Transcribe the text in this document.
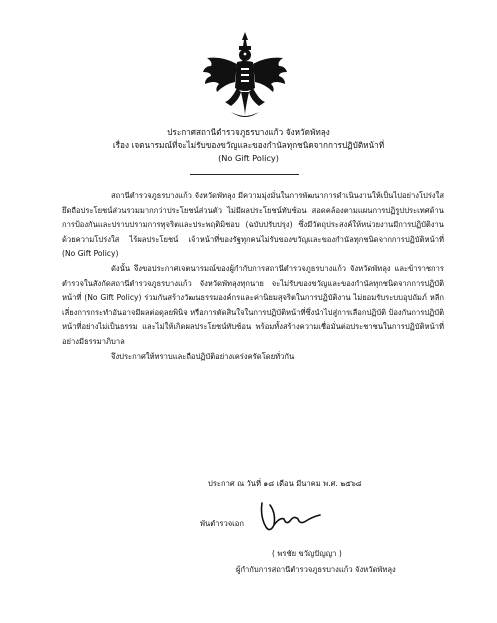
ประกาศสถานีตำรวจภูธรบางแก้ว จังหวัดพัทลุง
เรื่อง เจตนารมณ์ที่จะไม่รับของขวัญและของกำนัลทุกชนิดจากการปฏิบัติหน้าที่
(No Gift Policy)

สถานีตำรวจภูธรบางแก้ว จังหวัดพัทลุง มีความมุ่งมั่นในการพัฒนาการดำเนินงานให้เป็นไปอย่างโปร่งใส ยึดถือประโยชน์ส่วนรวมมากกว่าประโยชน์ส่วนตัว ไม่มีผลประโยชน์ทับซ้อน สอดคล้องตามแผนการปฏิรูปประเทศด้านการป้องกันและปราบปรามการทุจริตและประพฤติมิชอบ (ฉบับปรับปรุง) ซึ่งมีวัตถุประสงค์ให้หน่วยงานมีการปฏิบัติงานด้วยความโปร่งใส ไร้ผลประโยชน์ เจ้าหน้าที่ของรัฐทุกคนไม่รับของขวัญและของกำนัลทุกชนิดจากการปฏิบัติหน้าที่ (No Gift Policy)

ดังนั้น จึงขอประกาศเจตนารมณ์ของผู้กำกับการสถานีตำรวจภูธรบางแก้ว จังหวัดพัทลุง และข้าราชการตำรวจในสังกัดสถานีตำรวจภูธรบางแก้ว จังหวัดพัทลุงทุกนาย จะไม่รับของขวัญและของกำนัลทุกชนิดจากการปฏิบัติหน้าที่ (No Gift Policy) ร่วมกันสร้างวัฒนธรรมองค์กรและค่านิยมสุจริตในการปฏิบัติงาน ไม่ยอมรับระบบอุปถัมภ์ หลีกเลี่ยงการกระทำอันอาจมีผลต่อดุลยพินิจ หรือการตัดสินใจในการปฏิบัติหน้าที่ซึ่งนำไปสู่การเลือกปฏิบัติ ป้องกันการปฏิบัติหน้าที่อย่างไม่เป็นธรรม และไม่ให้เกิดผลประโยชน์ทับซ้อน พร้อมทั้งสร้างความเชื่อมั่นต่อประชาชนในการปฏิบัติหน้าที่อย่างมีธรรมาภิบาล

จึงประกาศให้ทราบและถือปฏิบัติอย่างเคร่งครัดโดยทั่วกัน

ประกาศ ณ วันที่ ๑๘ เดือน มีนาคม พ.ศ. ๒๕๖๘
พันตำรวจเอก
( พรชัย ขวัญปัญญา )
ผู้กำกับการสถานีตำรวจภูธรบางแก้ว จังหวัดพัทลุง
